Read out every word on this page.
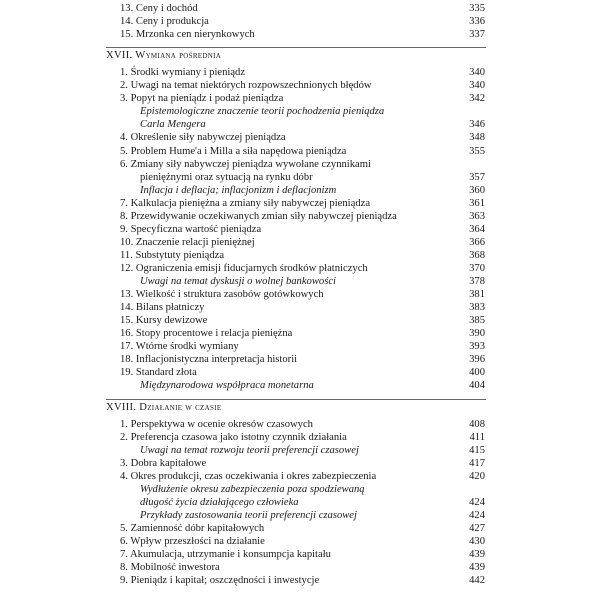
13. Ceny i dochód	335
14. Ceny i produkcja	336
15. Mrzonka cen nierynkowych	337
XVII. Wymiana pośrednia
1. Środki wymiany i pieniądz	340
2. Uwagi na temat niektórych rozpowszechnionych błędów	340
3. Popyt na pieniądz i podaż pieniądza	342
Epistemologiczne znaczenie teorii pochodzenia pieniądza
Carla Mengera	346
4. Określenie siły nabywczej pieniądza	348
5. Problem Hume'a i Milla a siła napędowa pieniądza	355
6. Zmiany siły nabywczej pieniądza wywołane czynnikami
pieniężnymi oraz sytuacją na rynku dóbr	357
Inflacja i deflacja; inflacjonizm i deflacjonizm	360
7. Kalkulacja pieniężna a zmiany siły nabywczej pieniądza	361
8. Przewidywanie oczekiwanych zmian siły nabywczej pieniądza	363
9. Specyficzna wartość pieniądza	364
10. Znaczenie relacji pieniężnej	366
11. Substytuty pieniądza	368
12. Ograniczenia emisji fiducjarnych środków płatniczych	370
Uwagi na temat dyskusji o wolnej bankowości	378
13. Wielkość i struktura zasobów gotówkowych	381
14. Bilans płatniczy	383
15. Kursy dewizowe	385
16. Stopy procentowe i relacja pieniężna	390
17. Wtórne środki wymiany	393
18. Inflacjonistyczna interpretacja historii	396
19. Standard złota	400
Międzynarodowa współpraca monetarna	404
XVIII. Działanie w czasie
1. Perspektywa w ocenie okresów czasowych	408
2. Preferencja czasowa jako istotny czynnik działania	411
Uwagi na temat rozwoju teorii preferencji czasowej	415
3. Dobra kapitałowe	417
4. Okres produkcji, czas oczekiwania i okres zabezpieczenia	420
Wydłużenie okresu zabezpieczenia poza spodziewaną
długość życia działającego człowieka	424
Przykłady zastosowania teorii preferencji czasowej	424
5. Zamienność dóbr kapitałowych	427
6. Wpływ przeszłości na działanie	430
7. Akumulacja, utrzymanie i konsumpcja kapitału	439
8. Mobilność inwestora	439
9. Pieniądz i kapitał; oszczędności i inwestycje	442
